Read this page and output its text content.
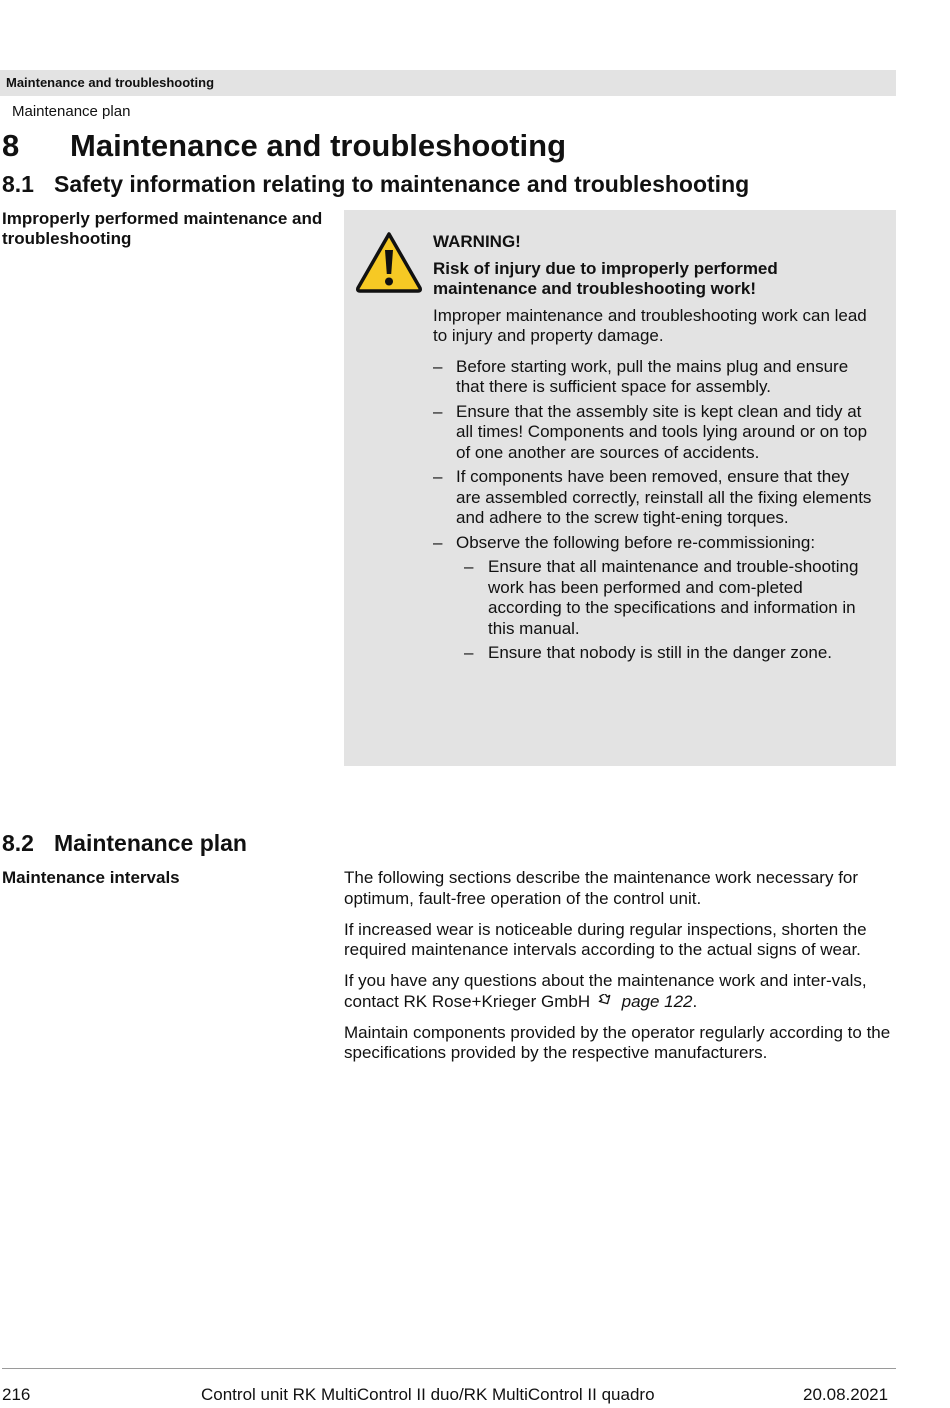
Maintenance and troubleshooting
Maintenance plan
8	Maintenance and troubleshooting
8.1 Safety information relating to maintenance and troubleshooting
Improperly performed maintenance and troubleshooting	WARNING!
Risk of injury due to improperly performed maintenance and troubleshooting work!
Improper maintenance and troubleshooting work can lead to injury and property damage.
– Before starting work, pull the mains plug and ensure that there is sufficient space for assembly.
– Ensure that the assembly site is kept clean and tidy at all times! Components and tools lying around or on top of one another are sources of accidents.
– If components have been removed, ensure that they are assembled correctly, reinstall all the fixing elements and adhere to the screw tight-ening torques.
– Observe the following before re-commissioning:
– Ensure that all maintenance and trouble-shooting work has been performed and com-pleted according to the specifications and information in this manual.
– Ensure that nobody is still in the danger zone.
8.2 Maintenance plan
Maintenance intervals	The following sections describe the maintenance work necessary for optimum, fault-free operation of the control unit.

If increased wear is noticeable during regular inspections, shorten the required maintenance intervals according to the actual signs of wear.

If you have any questions about the maintenance work and inter-vals, contact RK Rose+Krieger GmbH page 122.

Maintain components provided by the operator regularly according to the specifications provided by the respective manufacturers.

216	Control unit RK MultiControl II duo/RK MultiControl II quadro	20.08.2021
